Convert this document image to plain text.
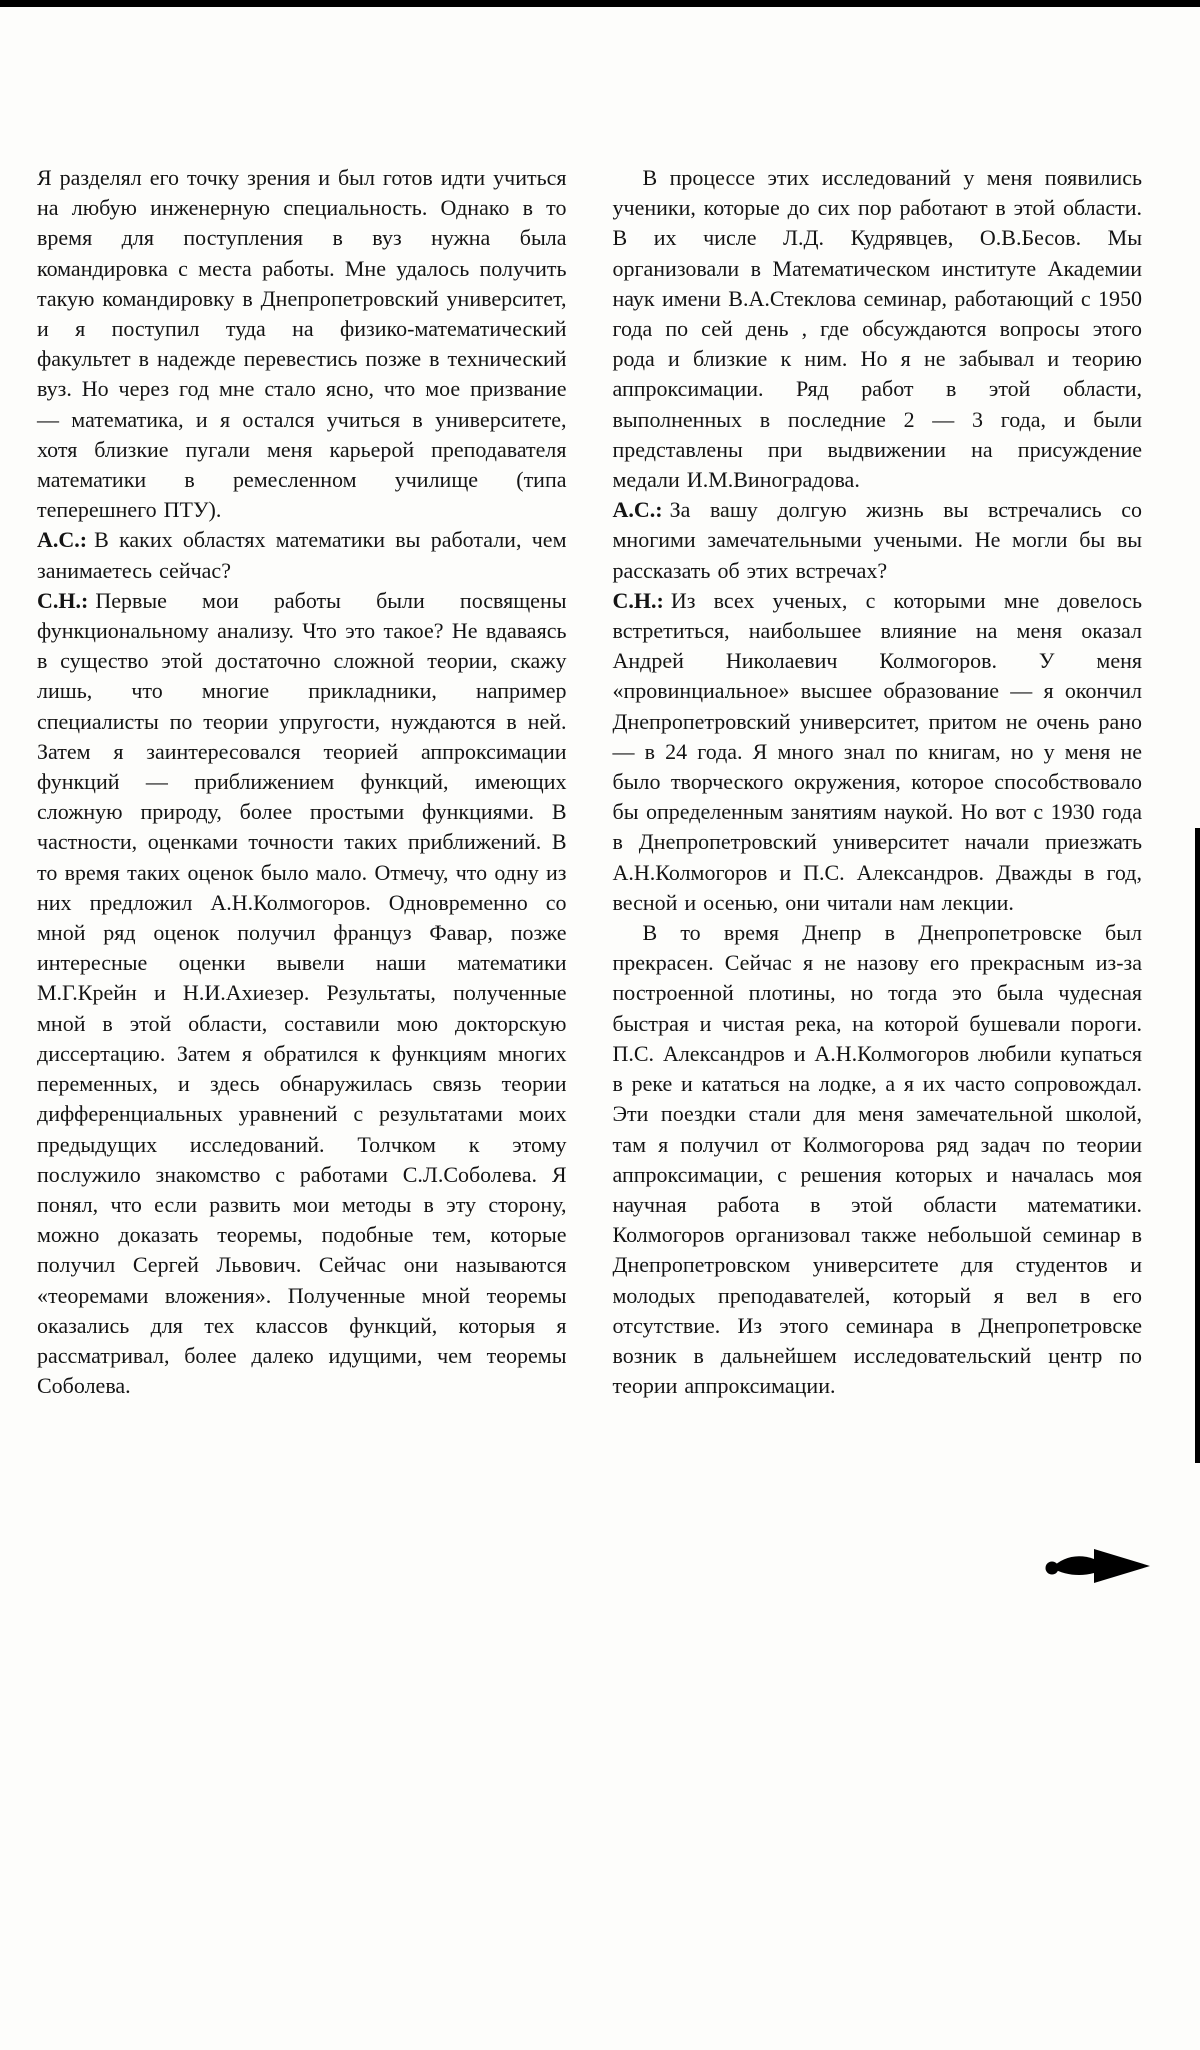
Я разделял его точку зрения и был готов идти учиться на любую инженерную специальность. Однако в то время для поступления в вуз нужна была командировка с места работы. Мне удалось получить такую командировку в Днепропетровский университет, и я поступил туда на физико-математический факультет в надежде перевестись позже в технический вуз. Но через год мне стало ясно, что мое призвание — математика, и я остался учиться в университете, хотя близкие пугали меня карьерой преподавателя математики в ремесленном училище (типа теперешнего ПТУ).

А.С.: В каких областях математики вы работали, чем занимаетесь сейчас?

С.Н.: Первые мои работы были посвящены функциональному анализу. Что это такое? Не вдаваясь в существо этой достаточно сложной теории, скажу лишь, что многие прикладники, например специалисты по теории упругости, нуждаются в ней. Затем я заинтересовался теорией аппроксимации функций — приближением функций, имеющих сложную природу, более простыми функциями. В частности, оценками точности таких приближений. В то время таких оценок было мало. Отмечу, что одну из них предложил А.Н.Колмогоров. Одновременно со мной ряд оценок получил француз Фавар, позже интересные оценки вывели наши математики М.Г.Крейн и Н.И.Ахиезер. Результаты, полученные мной в этой области, составили мою докторскую диссертацию. Затем я обратился к функциям многих переменных, и здесь обнаружилась связь теории дифференциальных уравнений с результатами моих предыдущих исследований. Толчком к этому послужило знакомство с работами С.Л.Соболева. Я понял, что если развить мои методы в эту сторону, можно доказать теоремы, подобные тем, которые получил Сергей Львович. Сейчас они называются «теоремами вложения». Полученные мной теоремы оказались для тех классов функций, которыя я рассматривал, более далеко идущими, чем теоремы Соболева.

В процессе этих исследований у меня появились ученики, которые до сих пор работают в этой области. В их числе Л.Д. Кудрявцев, О.В.Бесов. Мы организовали в Математическом институте Академии наук имени В.А.Стеклова семинар, работающий с 1950 года по сей день , где обсуждаются вопросы этого рода и близкие к ним. Но я не забывал и теорию аппроксимации. Ряд работ в этой области, выполненных в последние 2 — 3 года, и были представлены при выдвижении на присуждение медали И.М.Виноградова.

А.С.: За вашу долгую жизнь вы встречались со многими замечательными учеными. Не могли бы вы рассказать об этих встречах?

С.Н.: Из всех ученых, с которыми мне довелось встретиться, наибольшее влияние на меня оказал Андрей Николаевич Колмогоров. У меня «провинциальное» высшее образование — я окончил Днепропетровский университет, притом не очень рано — в 24 года. Я много знал по книгам, но у меня не было творческого окружения, которое способствовало бы определенным занятиям наукой. Но вот с 1930 года в Днепропетровский университет начали приезжать А.Н.Колмогоров и П.С. Александров. Дважды в год, весной и осенью, они читали нам лекции.

В то время Днепр в Днепропетровске был прекрасен. Сейчас я не назову его прекрасным из-за построенной плотины, но тогда это была чудесная быстрая и чистая река, на которой бушевали пороги. П.С. Александров и А.Н.Колмогоров любили купаться в реке и кататься на лодке, а я их часто сопровождал. Эти поездки стали для меня замечательной школой, там я получил от Колмогорова ряд задач по теории аппроксимации, с решения которых и началась моя научная работа в этой области математики. Колмогоров организовал также небольшой семинар в Днепропетровском университете для студентов и молодых преподавателей, который я вел в его отсутствие. Из этого семинара в Днепропетровске возник в дальнейшем исследовательский центр по теории аппроксимации.
